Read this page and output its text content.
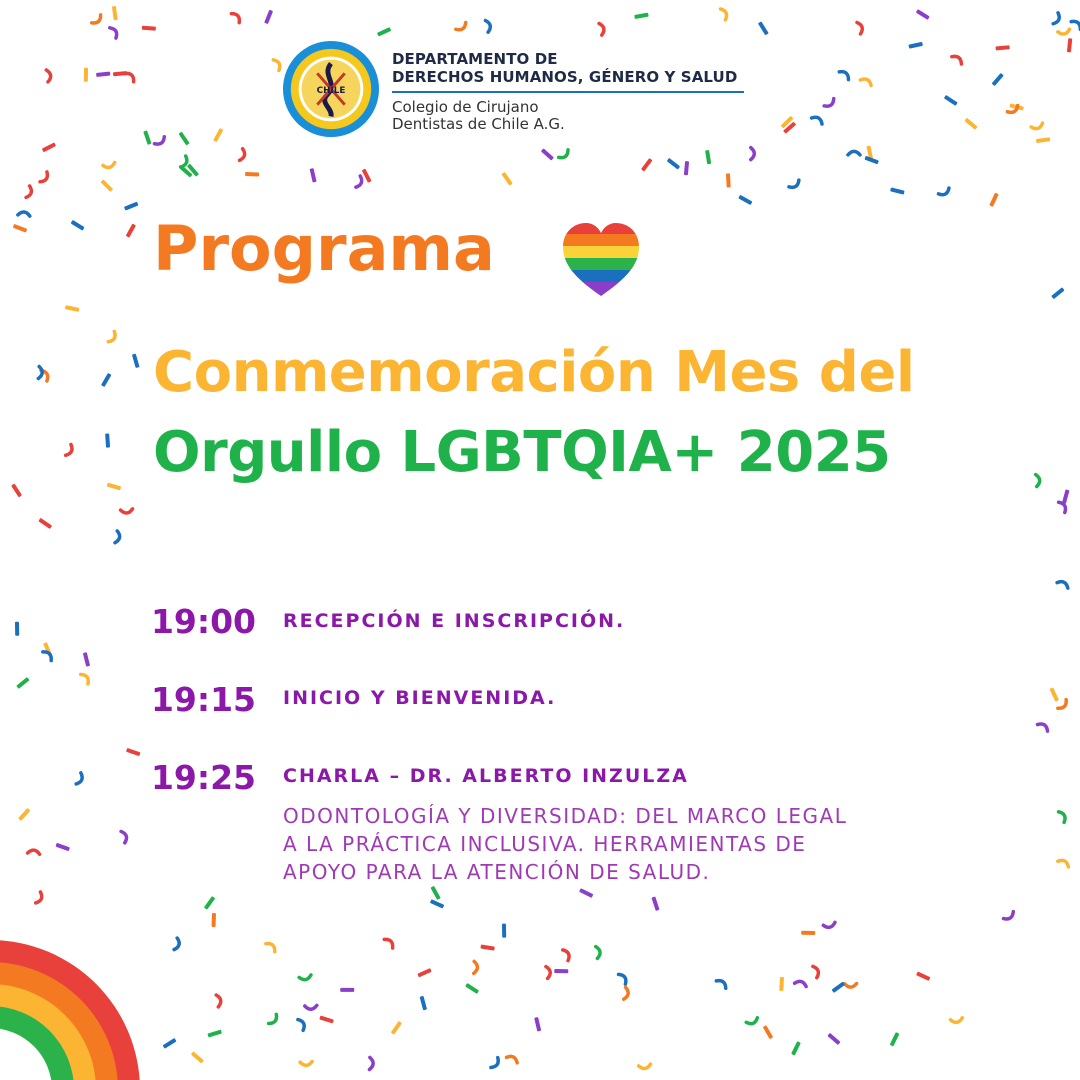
CHILE
DEPARTAMENTO DE
DERECHOS HUMANOS, GÉNERO Y SALUD
Colegio de Cirujano
Dentistas de Chile A.G.
Programa
Conmemoración Mes del
Orgullo LGBTQIA+ 2025
19:00 RECEPCIÓN E INSCRIPCIÓN.
19:15 INICIO Y BIENVENIDA.
19:25 CHARLA – DR. ALBERTO INZULZA
ODONTOLOGÍA Y DIVERSIDAD: DEL MARCO LEGAL
A LA PRÁCTICA INCLUSIVA. HERRAMIENTAS DE
APOYO PARA LA ATENCIÓN DE SALUD.
